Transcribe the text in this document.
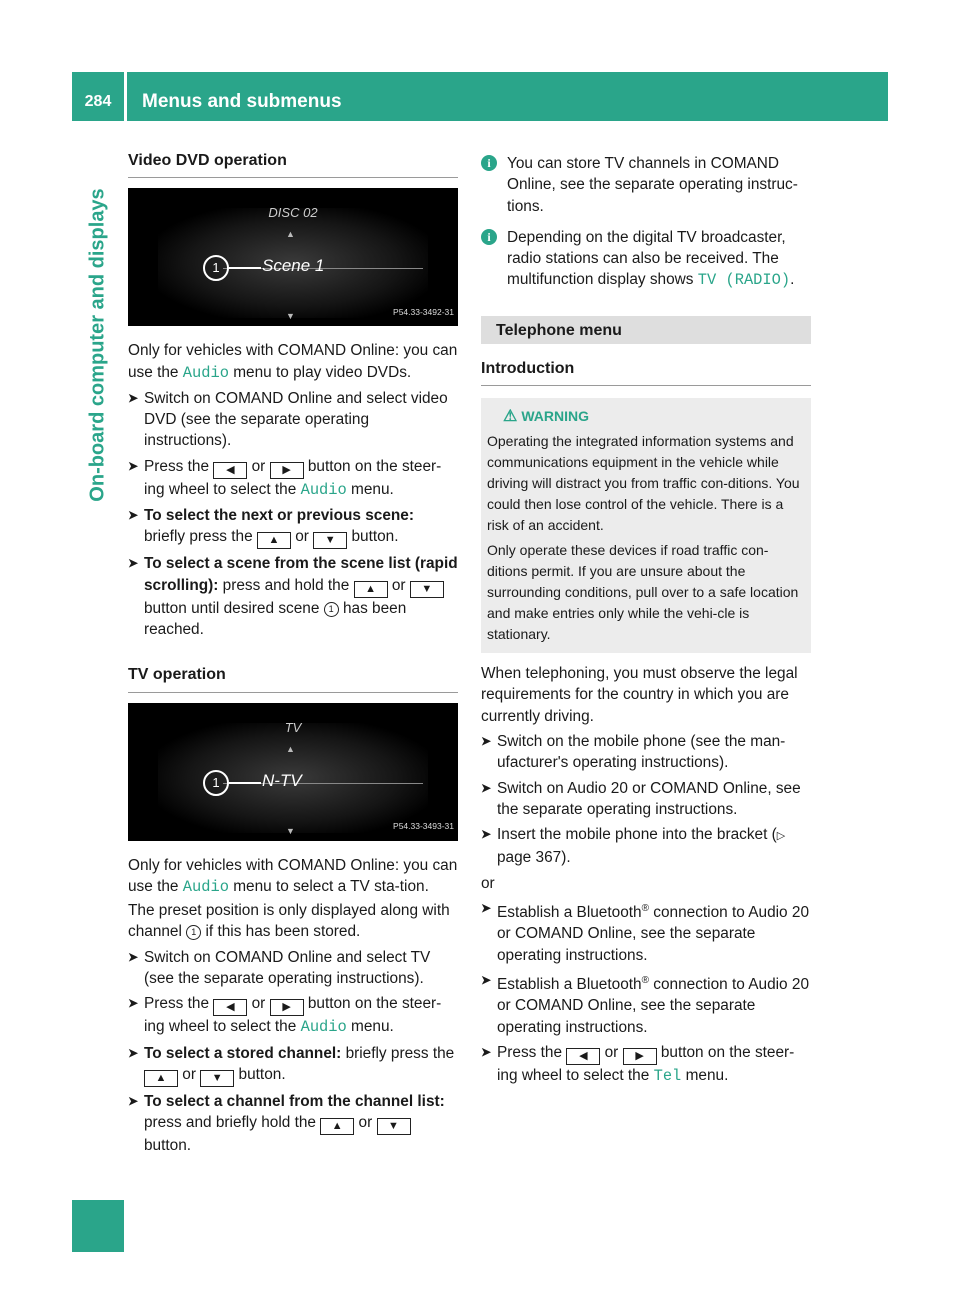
284	Menus and submenus
On-board computer and displays
Video DVD operation
DISC 02
▲
1	Scene 1
▼	P54.33-3492-31

Only for vehicles with COMAND Online: you can use the Audio menu to play video DVDs.

➤ Switch on COMAND Online and select video DVD (see the separate operating instructions).
➤ Press the ◀ or ▶ button on the steer-ing wheel to select the Audio menu.
➤ To select the next or previous scene: briefly press the ▲ or ▼ button.
➤ To select a scene from the scene list (rapid scrolling): press and hold the ▲ or ▼ button until desired scene 1 has been reached.
TV operation
TV
▲
1	N-TV
▼	P54.33-3493-31

Only for vehicles with COMAND Online: you can use the Audio menu to select a TV sta-tion.

The preset position is only displayed along with channel 1 if this has been stored.

➤ Switch on COMAND Online and select TV (see the separate operating instructions).
➤ Press the ◀ or ▶ button on the steer-ing wheel to select the Audio menu.
➤ To select a stored channel: briefly press the ▲ or ▼ button.
➤ To select a channel from the channel list: press and briefly hold the ▲ or ▼ button.
i	You can store TV channels in COMAND Online, see the separate operating instruc-tions.
i	Depending on the digital TV broadcaster, radio stations can also be received. The multifunction display shows TV (RADIO).
Telephone menu
Introduction
⚠ WARNING

Operating the integrated information systems and communications equipment in the vehicle while driving will distract you from traffic con-ditions. You could then lose control of the vehicle. There is a risk of an accident.

Only operate these devices if road traffic con-ditions permit. If you are unsure about the surrounding conditions, pull over to a safe location and make entries only while the vehi-cle is stationary.

When telephoning, you must observe the legal requirements for the country in which you are currently driving.

➤ Switch on the mobile phone (see the man-ufacturer's operating instructions).
➤ Switch on Audio 20 or COMAND Online, see the separate operating instructions.
➤ Insert the mobile phone into the bracket (▷ page 367).

or

➤ Establish a Bluetooth® connection to Audio 20 or COMAND Online, see the separate operating instructions.
➤ Establish a Bluetooth® connection to Audio 20 or COMAND Online, see the separate operating instructions.
➤ Press the ◀ or ▶ button on the steer-ing wheel to select the Tel menu.
